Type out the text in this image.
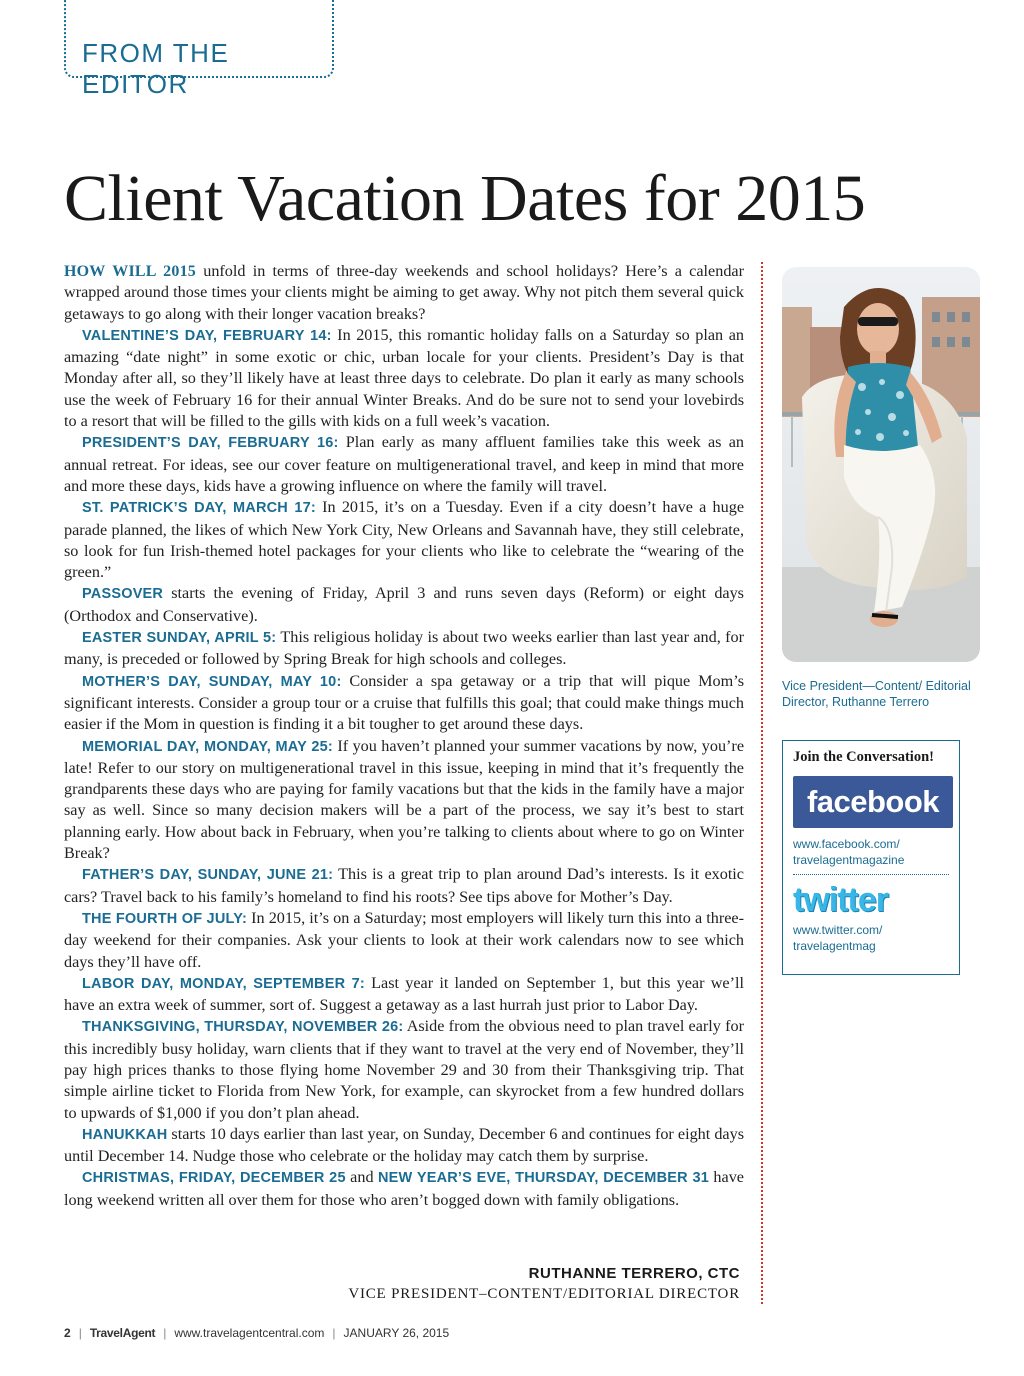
FROM THE EDITOR
Client Vacation Dates for 2015

HOW WILL 2015 unfold in terms of three-day weekends and school holidays? Here’s a calendar wrapped around those times your clients might be aiming to get away. Why not pitch them several quick getaways to go along with their longer vacation breaks?

VALENTINE’S DAY, FEBRUARY 14: In 2015, this romantic holiday falls on a Saturday so plan an amazing “date night” in some exotic or chic, urban locale for your clients. President’s Day is that Monday after all, so they’ll likely have at least three days to celebrate. Do plan it early as many schools use the week of February 16 for their annual Winter Breaks. And do be sure not to send your lovebirds to a resort that will be filled to the gills with kids on a full week’s vacation.

PRESIDENT’S DAY, FEBRUARY 16: Plan early as many affluent families take this week as an annual retreat. For ideas, see our cover feature on multigenerational travel, and keep in mind that more and more these days, kids have a growing influence on where the family will travel.

ST. PATRICK’S DAY, MARCH 17: In 2015, it’s on a Tuesday. Even if a city doesn’t have a huge parade planned, the likes of which New York City, New Orleans and Savannah have, they still celebrate, so look for fun Irish-themed hotel packages for your clients who like to celebrate the “wearing of the green.”

PASSOVER starts the evening of Friday, April 3 and runs seven days (Reform) or eight days (Orthodox and Conservative).

EASTER SUNDAY, APRIL 5: This religious holiday is about two weeks earlier than last year and, for many, is preceded or followed by Spring Break for high schools and colleges.

MOTHER’S DAY, SUNDAY, MAY 10: Consider a spa getaway or a trip that will pique Mom’s significant interests. Consider a group tour or a cruise that fulfills this goal; that could make things much easier if the Mom in question is finding it a bit tougher to get around these days.

MEMORIAL DAY, MONDAY, MAY 25: If you haven’t planned your summer vacations by now, you’re late! Refer to our story on multigenerational travel in this issue, keeping in mind that it’s frequently the grandparents these days who are paying for family vacations but that the kids in the family have a major say as well. Since so many decision makers will be a part of the process, we say it’s best to start planning early. How about back in February, when you’re talking to clients about where to go on Winter Break?

FATHER’S DAY, SUNDAY, JUNE 21: This is a great trip to plan around Dad’s interests. Is it exotic cars? Travel back to his family’s homeland to find his roots? See tips above for Mother’s Day.

THE FOURTH OF JULY: In 2015, it’s on a Saturday; most employers will likely turn this into a three-day weekend for their companies. Ask your clients to look at their work calendars now to see which days they’ll have off.

LABOR DAY, MONDAY, SEPTEMBER 7: Last year it landed on September 1, but this year we’ll have an extra week of summer, sort of. Suggest a getaway as a last hurrah just prior to Labor Day.

THANKSGIVING, THURSDAY, NOVEMBER 26: Aside from the obvious need to plan travel early for this incredibly busy holiday, warn clients that if they want to travel at the very end of November, they’ll pay high prices thanks to those flying home November 29 and 30 from their Thanksgiving trip. That simple airline ticket to Florida from New York, for example, can skyrocket from a few hundred dollars to upwards of $1,000 if you don’t plan ahead.

HANUKKAH starts 10 days earlier than last year, on Sunday, December 6 and continues for eight days until December 14. Nudge those who celebrate or the holiday may catch them by surprise.

CHRISTMAS, FRIDAY, DECEMBER 25 and NEW YEAR’S EVE, THURSDAY, DECEMBER 31 have long weekend written all over them for those who aren’t bogged down with family obligations.

RUTHANNE TERRERO, CTC
VICE PRESIDENT–CONTENT/EDITORIAL DIRECTOR
Vice President—Content/ Editorial Director, Ruthanne Terrero
Join the Conversation!
facebook
www.facebook.com/ travelagentmagazine
twitter
www.twitter.com/ travelagentmag
2 | TravelAgent | www.travelagentcentral.com | JANUARY 26, 2015
